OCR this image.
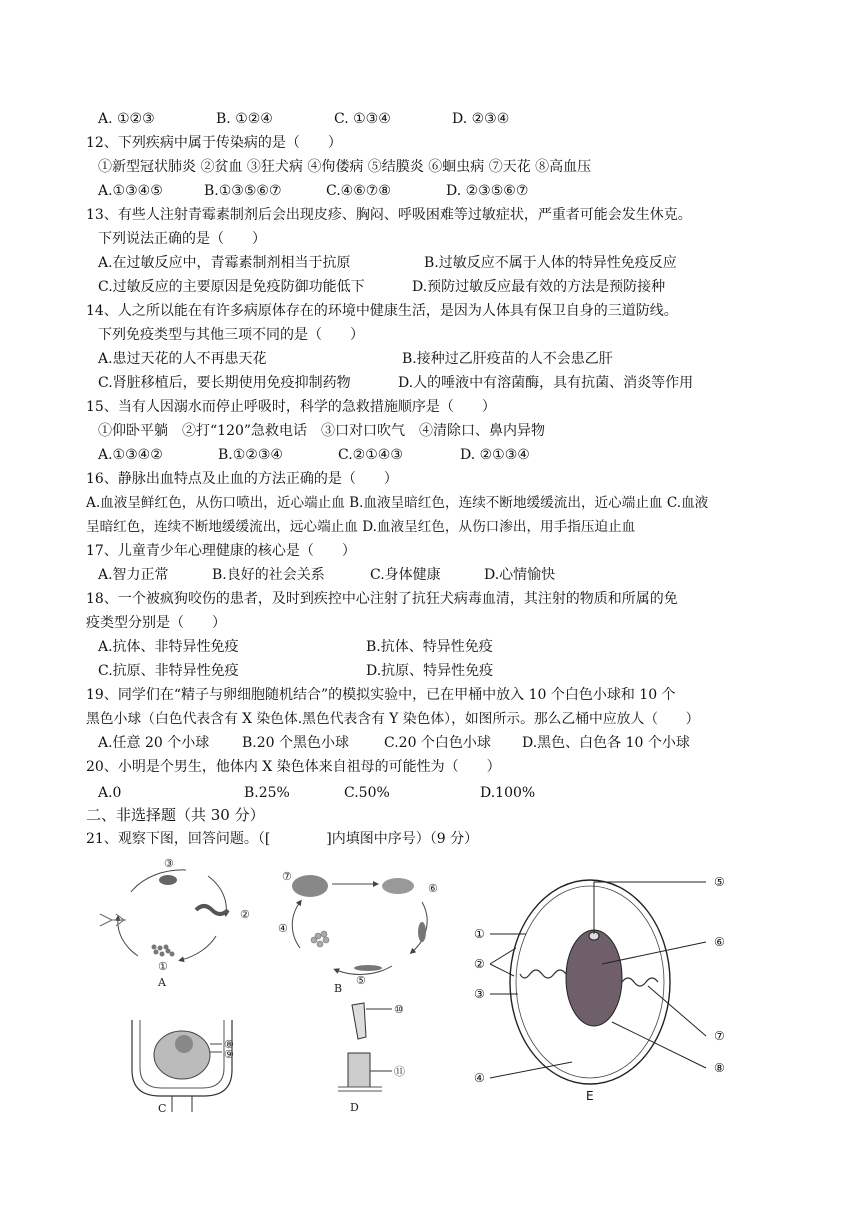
A. ①②③	B. ①②④	C. ①③④	D. ②③④
12、下列疾病中属于传染病的是（　　）
①新型冠状肺炎 ②贫血 ③狂犬病 ④佝偻病 ⑤结膜炎 ⑥蛔虫病 ⑦天花 ⑧高血压
A.①③④⑤	B.①③⑤⑥⑦	C.④⑥⑦⑧	D. ②③⑤⑥⑦
13、有些人注射青霉素制剂后会出现皮疹、胸闷、呼吸困难等过敏症状，严重者可能会发生休克。
下列说法正确的是（　　）
A.在过敏反应中，青霉素制剂相当于抗原	B.过敏反应不属于人体的特异性免疫反应
C.过敏反应的主要原因是免疫防御功能低下	D.预防过敏反应最有效的方法是预防接种
14、人之所以能在有许多病原体存在的环境中健康生活，是因为人体具有保卫自身的三道防线。
下列免疫类型与其他三项不同的是（　　）
A.患过天花的人不再患天花	B.接种过乙肝疫苗的人不会患乙肝
C.肾脏移植后，要长期使用免疫抑制药物	D.人的唾液中有溶菌酶，具有抗菌、消炎等作用
15、当有人因溺水而停止呼吸时，科学的急救措施顺序是（　　）
①仰卧平躺　②打“120”急救电话　③口对口吹气　④清除口、鼻内异物
A.①③④②	B.①②③④	C.②①④③	D. ②①③④
16、静脉出血特点及止血的方法正确的是（　　）
A.血液呈鲜红色，从伤口喷出，近心端止血 B.血液呈暗红色，连续不断地缓缓流出，近心端止血 C.血液
呈暗红色，连续不断地缓缓流出，远心端止血 D.血液呈红色，从伤口渗出，用手指压迫止血
17、儿童青少年心理健康的核心是（　　）
A.智力正常	B.良好的社会关系	C.身体健康	D.心情愉快
18、一个被疯狗咬伤的患者，及时到疾控中心注射了抗狂犬病毒血清，其注射的物质和所属的免
疫类型分别是（　　）
A.抗体、非特异性免疫	B.抗体、特异性免疫
C.抗原、非特异性免疫	D.抗原、特异性免疫
19、同学们在“精子与卵细胞随机结合”的模拟实验中，已在甲桶中放入 10 个白色小球和 10 个
黑色小球（白色代表含有 X 染色体.黑色代表含有 Y 染色体），如图所示。那么乙桶中应放人（　　）
A.任意 20 个小球 B.20 个黑色小球 C.20 个白色小球 D.黑色、白色各 10 个小球
20、小明是个男生，他体内 X 染色体来自祖母的可能性为（　　）
A.0	B.25%	C.50%	D.100%
二、非选择题（共 30 分）
21、观察下图，回答问题。（[	]内填图中序号）（9 分）
③
②
①
A
⑦
⑥
④
⑤
B
⑧
⑨
C
⑩
⑪
D
⑤
①
②
③
⑥
⑦
⑧
④
E
